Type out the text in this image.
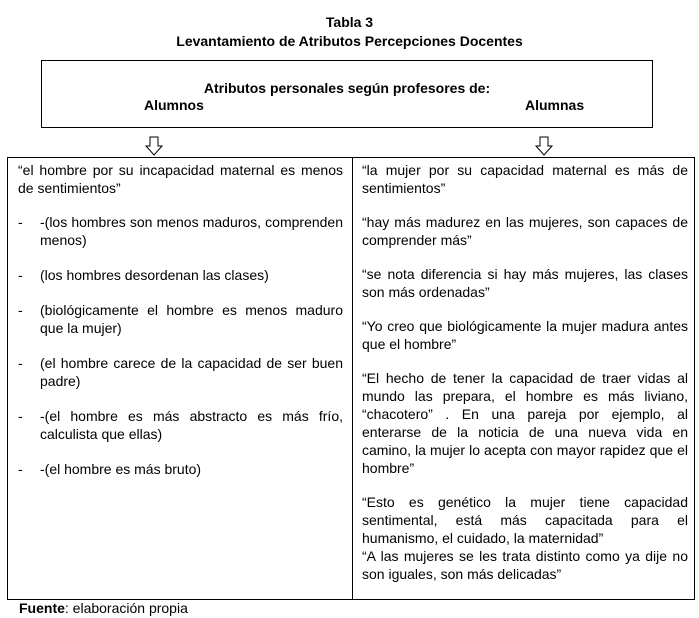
Tabla 3
Levantamiento de Atributos Percepciones Docentes
Atributos personales según profesores de:
Alumnos	Alumnas

“el hombre por su incapacidad maternal es menos de sentimientos”

-	-(los hombres son menos maduros, comprenden menos)
-	(los hombres desordenan las clases)
-	(biológicamente el hombre es menos maduro que la mujer)
-	(el hombre carece de la capacidad de ser buen padre)
-	-(el hombre es más abstracto es más frío, calculista que ellas)
-	-(el hombre es más bruto)

“la mujer por su capacidad maternal es más de sentimientos”

“hay más madurez en las mujeres, son capaces de comprender más”

“se nota diferencia si hay más mujeres, las clases son más ordenadas”

“Yo creo que biológicamente la mujer madura antes que el hombre”

“El hecho de tener la capacidad de traer vidas al mundo las prepara, el hombre es más liviano, “chacotero” . En una pareja por ejemplo, al enterarse de la noticia de una nueva vida en camino, la mujer lo acepta con mayor rapidez que el hombre”

“Esto es genético la mujer tiene capacidad sentimental, está más capacitada para el humanismo, el cuidado, la maternidad”

“A las mujeres se les trata distinto como ya dije no son iguales, son más delicadas”

Fuente: elaboración propia
